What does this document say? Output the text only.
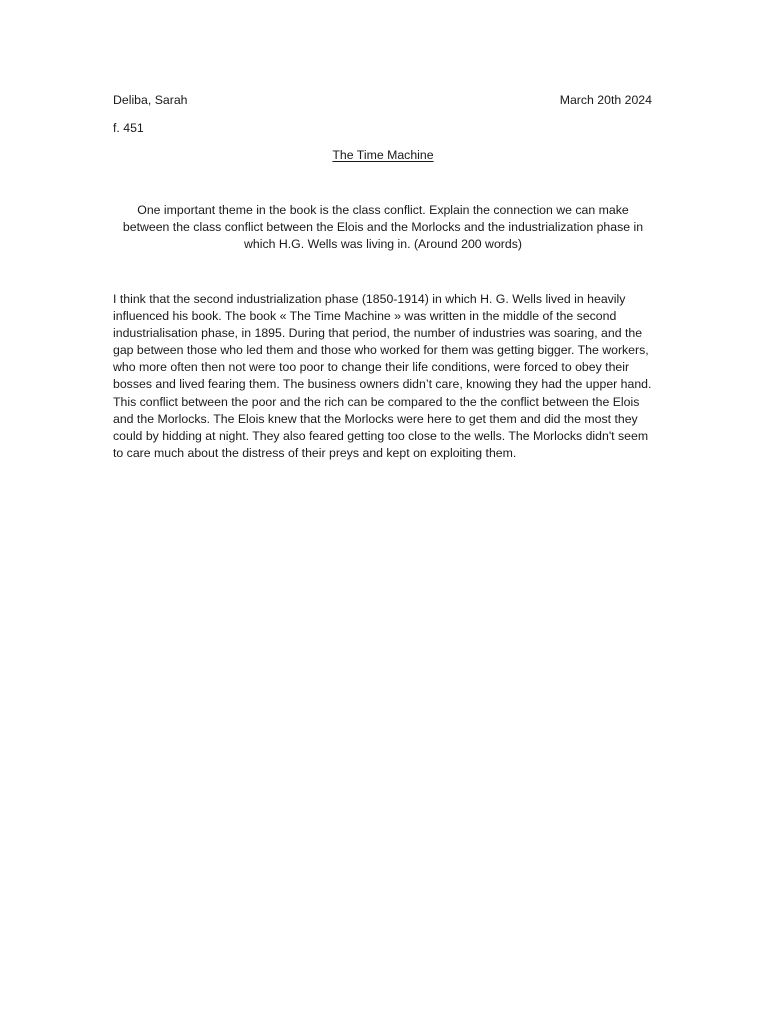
Deliba, Sarah	March 20th 2024
f. 451
The Time Machine
One important theme in the book is the class conflict. Explain the connection we can make between the class conflict between the Elois and the Morlocks and the industrialization phase in which H.G. Wells was living in. (Around 200 words)
I think that the second industrialization phase (1850-1914) in which H. G. Wells lived in heavily influenced his book. The book « The Time Machine » was written in the middle of the second industrialisation phase, in 1895. During that period, the number of industries was soaring, and the gap between those who led them and those who worked for them was getting bigger. The workers, who more often then not were too poor to change their life conditions, were forced to obey their bosses and lived fearing them. The business owners didn’t care, knowing they had the upper hand. This conflict between the poor and the rich can be compared to the the conflict between the Elois and the Morlocks. The Elois knew that the Morlocks were here to get them and did the most they could by hidding at night. They also feared getting too close to the wells. The Morlocks didn't seem to care much about the distress of their preys and kept on exploiting them.
